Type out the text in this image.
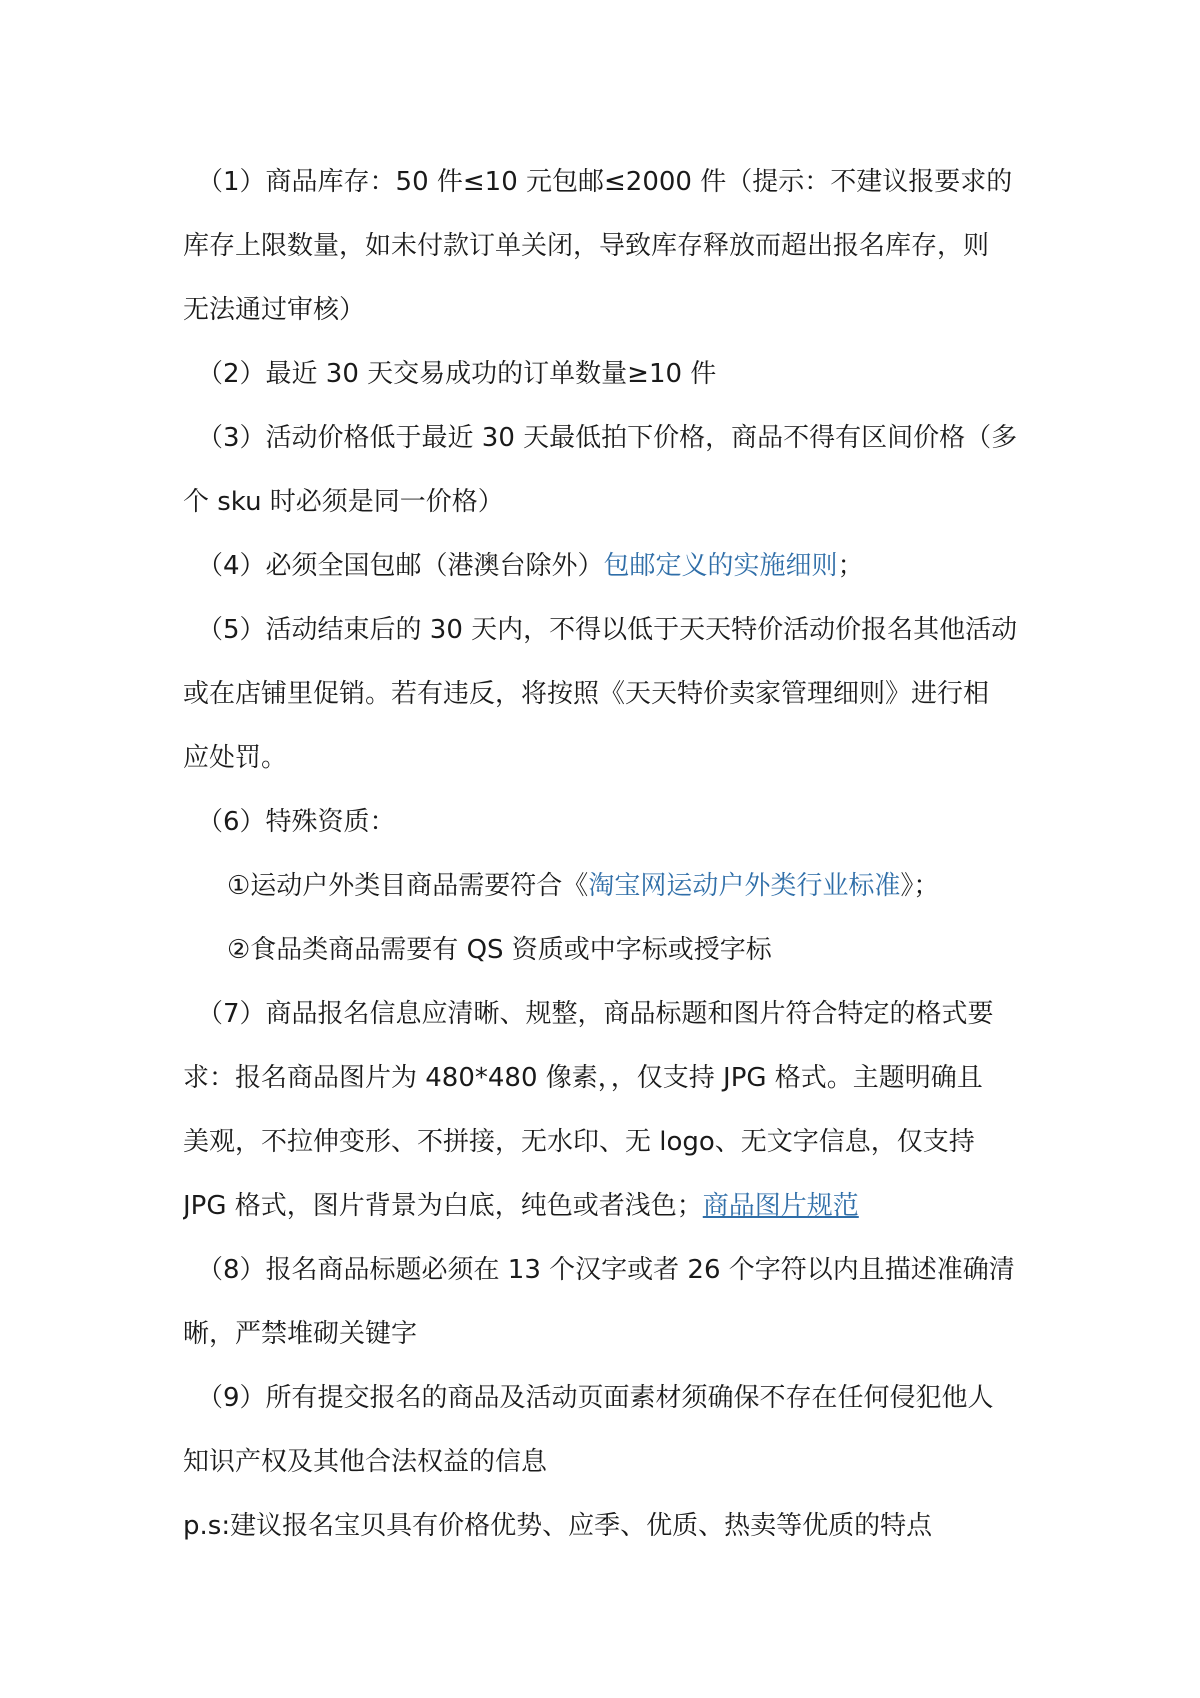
（1）商品库存：50 件≤10 元包邮≤2000 件（提示：不建议报要求的
库存上限数量，如未付款订单关闭，导致库存释放而超出报名库存，则
无法通过审核）
（2）最近 30 天交易成功的订单数量≥10 件
（3）活动价格低于最近 30 天最低拍下价格，商品不得有区间价格（多
个 sku 时必须是同一价格）
（4）必须全国包邮（港澳台除外）包邮定义的实施细则；
（5）活动结束后的 30 天内，不得以低于天天特价活动价报名其他活动
或在店铺里促销。若有违反，将按照《天天特价卖家管理细则》进行相
应处罚。
（6）特殊资质：
①运动户外类目商品需要符合《淘宝网运动户外类行业标准》；
②食品类商品需要有 QS 资质或中字标或授字标
（7）商品报名信息应清晰、规整，商品标题和图片符合特定的格式要
求：报名商品图片为 480*480 像素，，仅支持 JPG 格式。主题明确且
美观，不拉伸变形、不拼接，无水印、无 logo、无文字信息，仅支持
JPG 格式，图片背景为白底，纯色或者浅色；商品图片规范
（8）报名商品标题必须在 13 个汉字或者 26 个字符以内且描述准确清
晰，严禁堆砌关键字
（9）所有提交报名的商品及活动页面素材须确保不存在任何侵犯他人
知识产权及其他合法权益的信息
p.s:建议报名宝贝具有价格优势、应季、优质、热卖等优质的特点
